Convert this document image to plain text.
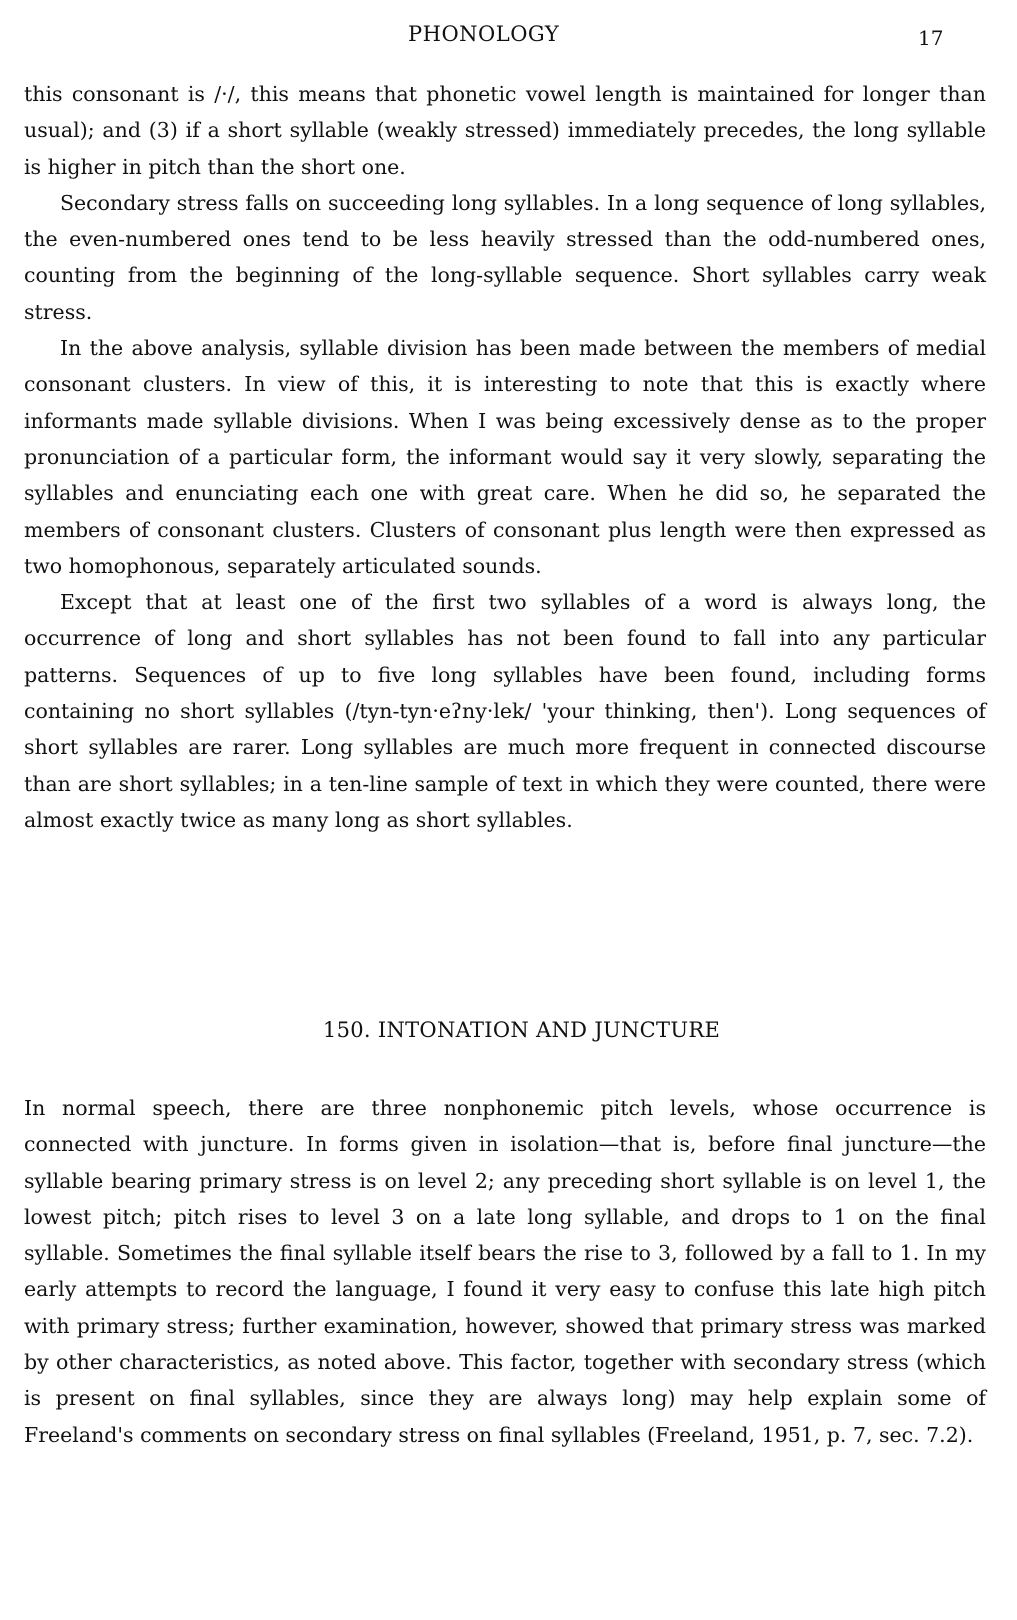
PHONOLOGY	17

this consonant is /·/, this means that phonetic vowel length is maintained for longer than usual); and (3) if a short syllable (weakly stressed) immediately precedes, the long syllable is higher in pitch than the short one.

Secondary stress falls on succeeding long syllables. In a long sequence of long syllables, the even-numbered ones tend to be less heavily stressed than the odd-numbered ones, counting from the beginning of the long-syllable sequence. Short syllables carry weak stress.

In the above analysis, syllable division has been made between the members of medial consonant clusters. In view of this, it is interesting to note that this is exactly where informants made syllable divisions. When I was being excessively dense as to the proper pronunciation of a particular form, the informant would say it very slowly, separating the syllables and enunciating each one with great care. When he did so, he separated the members of consonant clusters. Clusters of consonant plus length were then expressed as two homophonous, separately articulated sounds.

Except that at least one of the first two syllables of a word is always long, the occurrence of long and short syllables has not been found to fall into any particular patterns. Sequences of up to five long syllables have been found, including forms containing no short syllables (/tyn-tyn·eʔny·lek/ 'your thinking, then'). Long sequences of short syllables are rarer. Long syllables are much more frequent in connected discourse than are short syllables; in a ten-line sample of text in which they were counted, there were almost exactly twice as many long as short syllables.

150. INTONATION AND JUNCTURE

In normal speech, there are three nonphonemic pitch levels, whose occurrence is connected with juncture. In forms given in isolation—that is, before final juncture—the syllable bearing primary stress is on level 2; any preceding short syllable is on level 1, the lowest pitch; pitch rises to level 3 on a late long syllable, and drops to 1 on the final syllable. Sometimes the final syllable itself bears the rise to 3, followed by a fall to 1. In my early attempts to record the language, I found it very easy to confuse this late high pitch with primary stress; further examination, however, showed that primary stress was marked by other characteristics, as noted above. This factor, together with secondary stress (which is present on final syllables, since they are always long) may help explain some of Freeland's comments on secondary stress on final syllables (Freeland, 1951, p. 7, sec. 7.2).
